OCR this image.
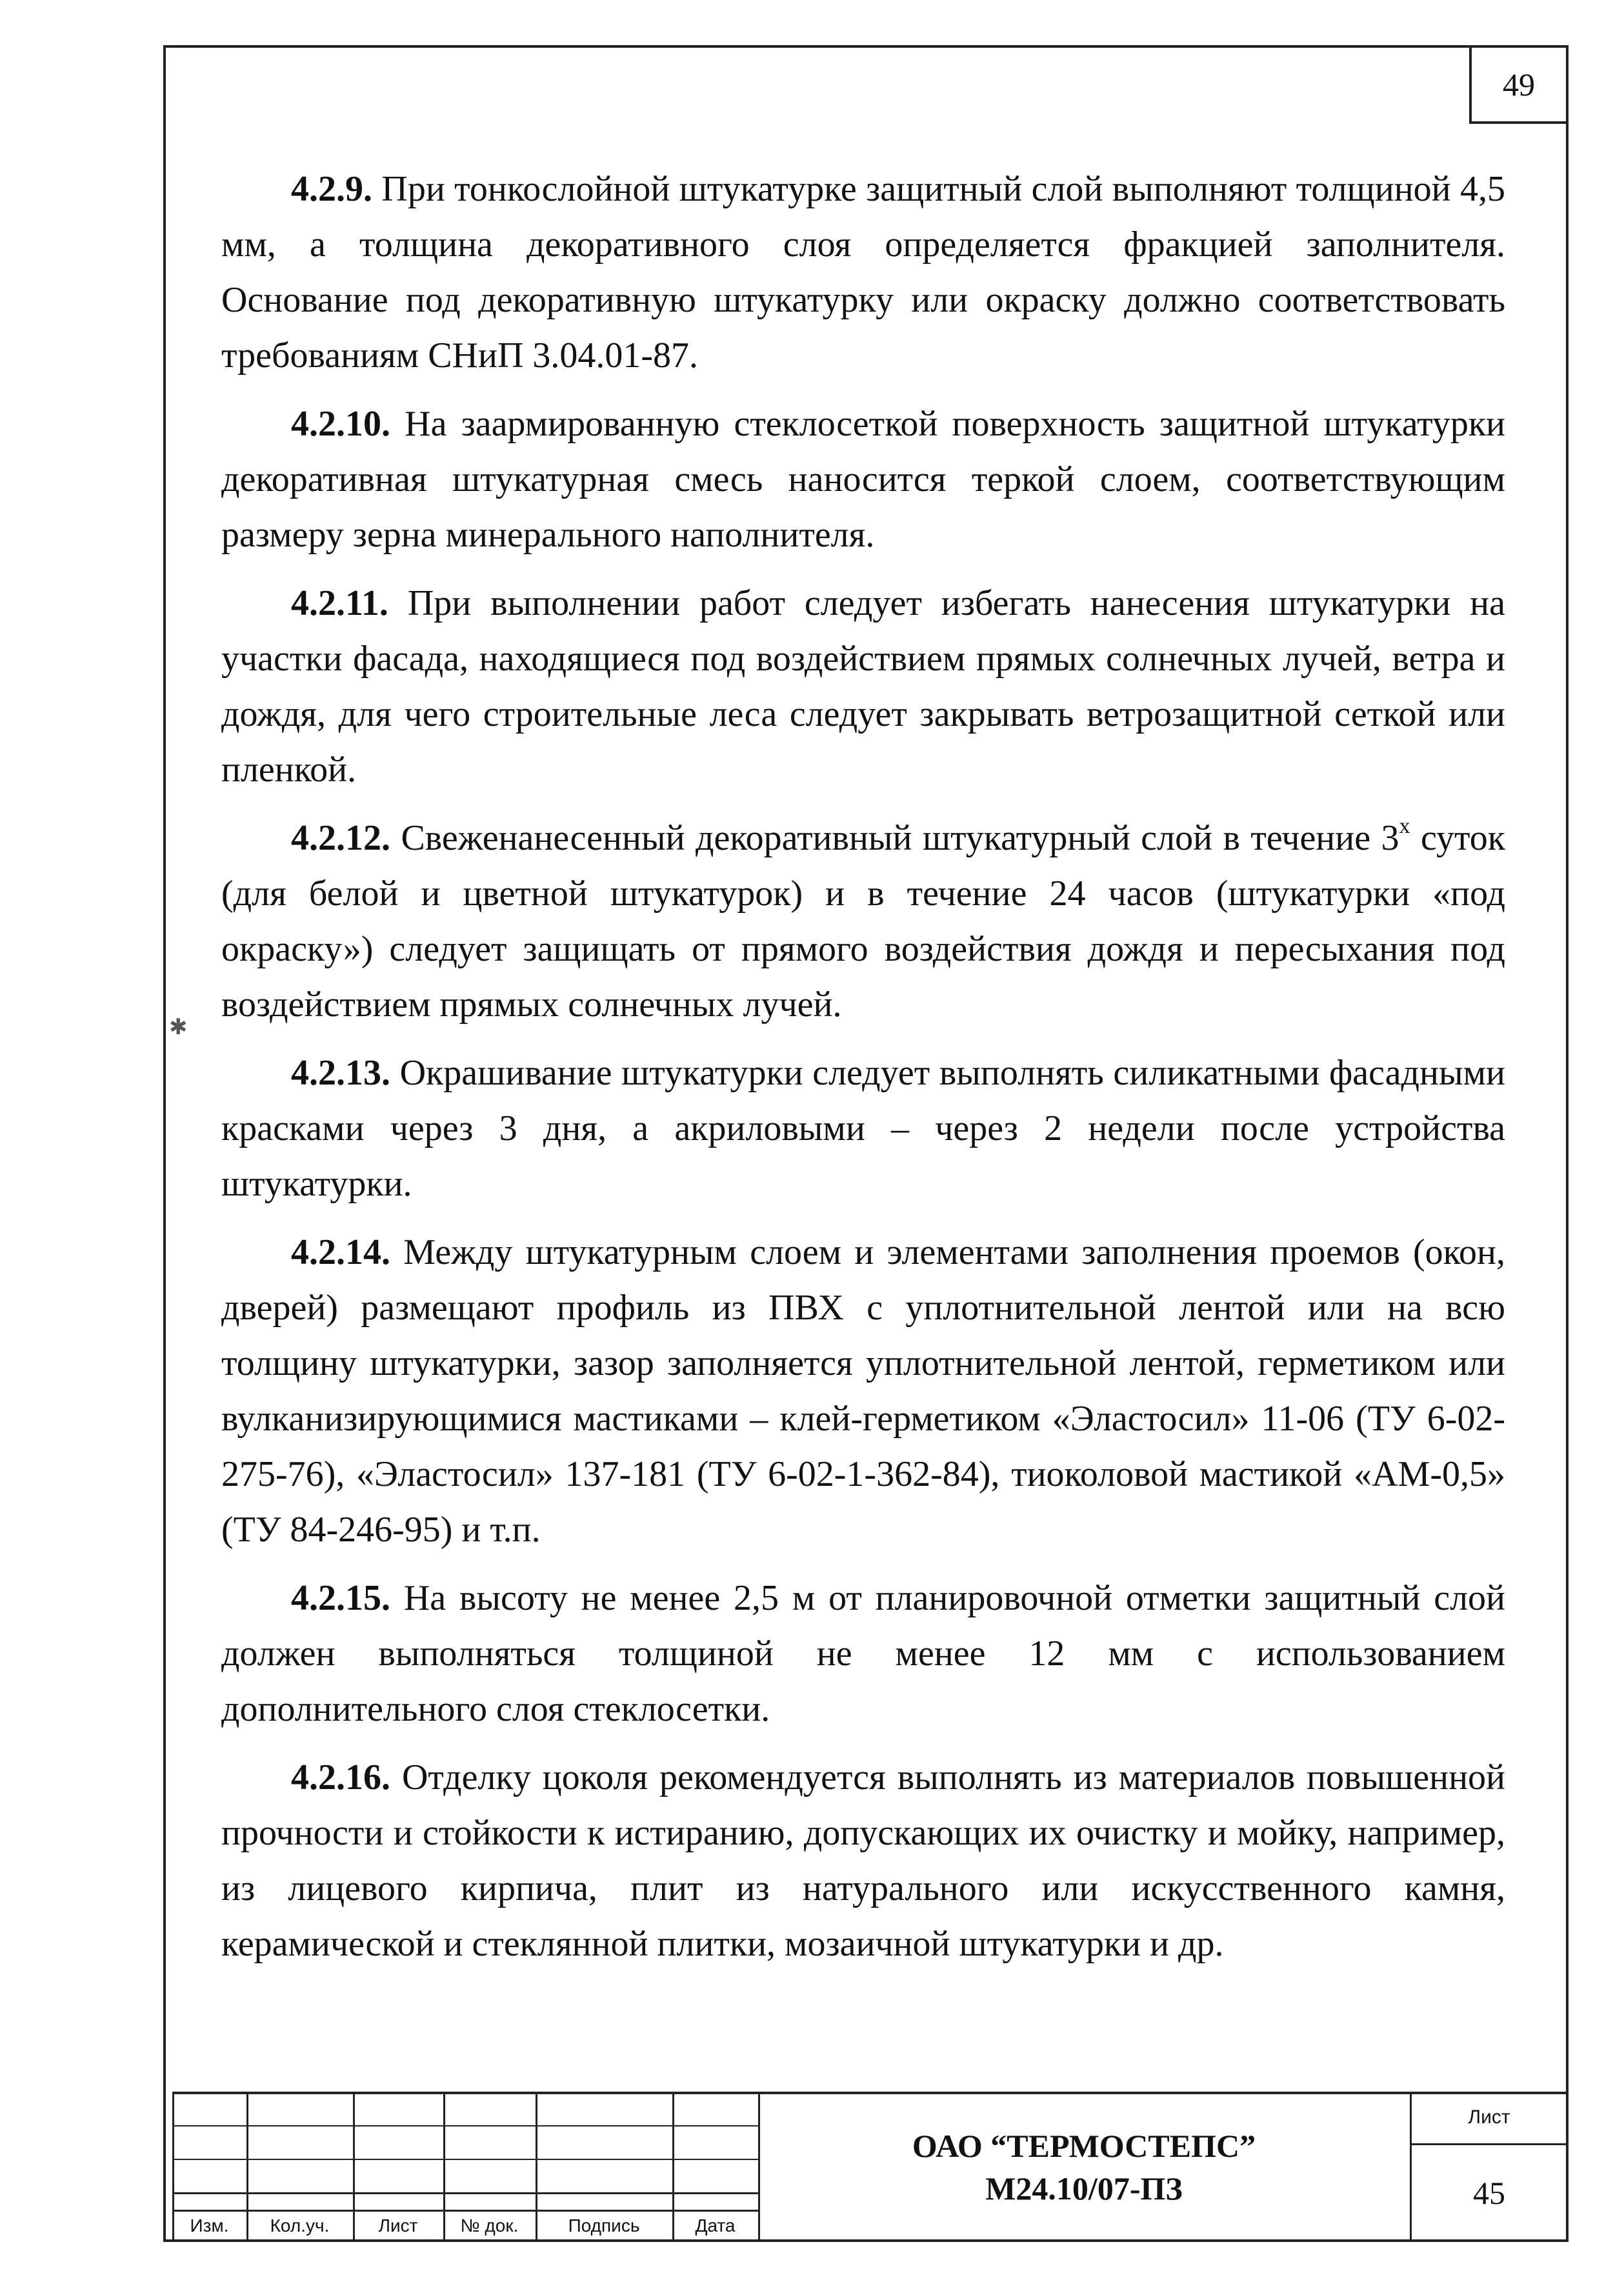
49
✱

4.2.9. При тонкослойной штукатурке защитный слой выполняют толщиной 4,5 мм, а толщина декоративного слоя определяется фракцией заполнителя. Основание под декоративную штукатурку или окраску должно соответствовать требованиям СНиП 3.04.01-87.

4.2.10. На заармированную стеклосеткой поверхность защитной штукатурки декоративная штукатурная смесь наносится теркой слоем, соответствующим размеру зерна минерального наполнителя.

4.2.11. При выполнении работ следует избегать нанесения штукатурки на участки фасада, находящиеся под воздействием прямых солнечных лучей, ветра и дождя, для чего строительные леса следует закрывать ветрозащитной сеткой или пленкой.

4.2.12. Свеженанесенный декоративный штукатурный слой в течение $3^х$ суток (для белой и цветной штукатурок) и в течение 24 часов (штукатурки «под окраску») следует защищать от прямого воздействия дождя и пересыхания под воздействием прямых солнечных лучей.

4.2.13. Окрашивание штукатурки следует выполнять силикатными фасадными красками через 3 дня, а акриловыми – через 2 недели после устройства штукатурки.

4.2.14. Между штукатурным слоем и элементами заполнения проемов (окон, дверей) размещают профиль из ПВХ с уплотнительной лентой или на всю толщину штукатурки, зазор заполняется уплотнительной лентой, герметиком или вулканизирующимися мастиками – клей-герметиком «Эластосил» 11-06 (ТУ 6-02-275-76), «Эластосил» 137-181 (ТУ 6-02-1-362-84), тиоколовой мастикой «АМ-0,5» (ТУ 84-246-95) и т.п.

4.2.15. На высоту не менее 2,5 м от планировочной отметки защитный слой должен выполняться толщиной не менее 12 мм с использованием дополнительного слоя стеклосетки.

4.2.16. Отделку цоколя рекомендуется выполнять из материалов повышенной прочности и стойкости к истиранию, допускающих их очистку и мойку, например, из лицевого кирпича, плит из натурального или искусственного камня, керамической и стеклянной плитки, мозаичной штукатурки и др.

Изм.	Кол.уч.	Лист	№ док.	Подпись	Дата
ОАО “ТЕРМОСТЕПС”
М24.10/07-ПЗ
Лист
45
